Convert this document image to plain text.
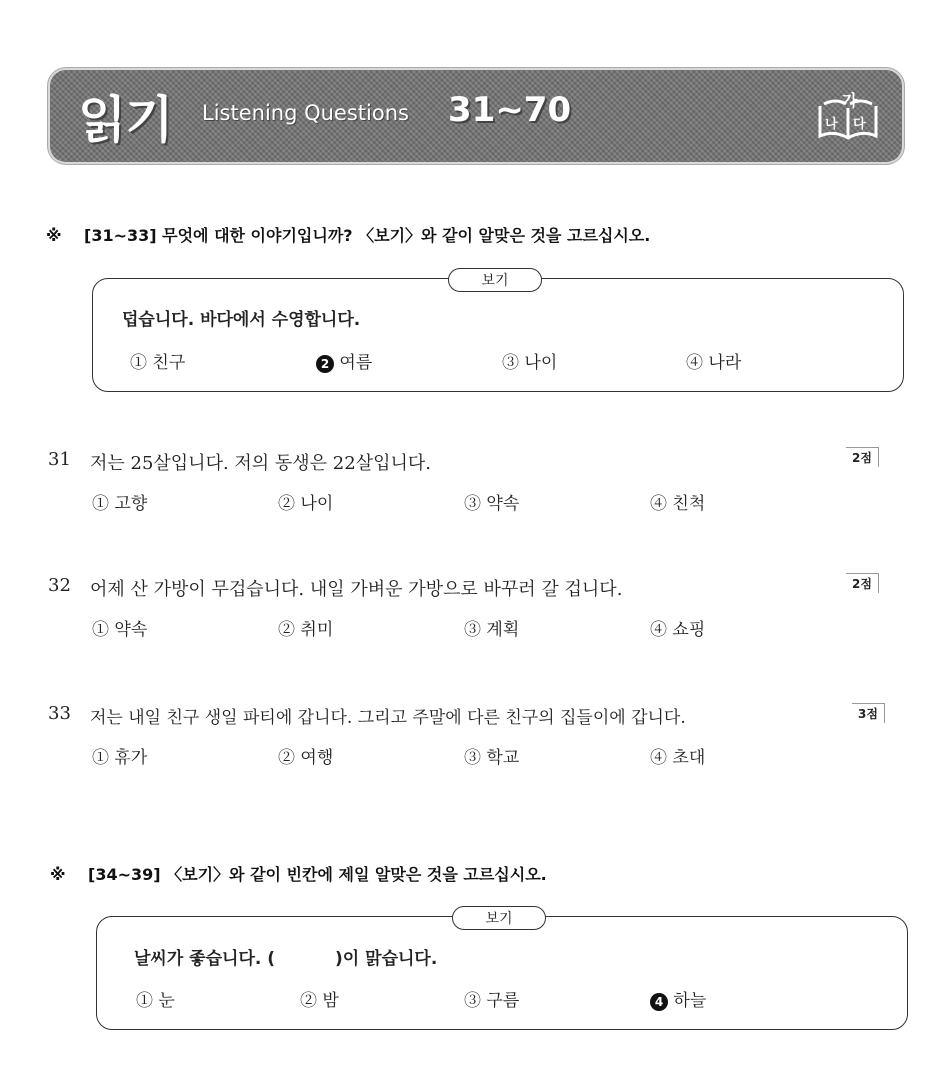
읽기 Listening Questions 31~70	가
나 다
※ [31~33] 무엇에 대한 이야기입니까? 〈보기〉와 같이 알맞은 것을 고르십시오.
보기
덥습니다. 바다에서 수영합니다.
① 친구	2 여름	③ 나이	④ 나라
31 저는 25살입니다. 저의 동생은 22살입니다.	2점
① 고향	② 나이	③ 약속	④ 친척
32 어제 산 가방이 무겁습니다. 내일 가벼운 가방으로 바꾸러 갈 겁니다.	2점
① 약속	② 취미	③ 계획	④ 쇼핑
33 저는 내일 친구 생일 파티에 갑니다. 그리고 주말에 다른 친구의 집들이에 갑니다.	3점
① 휴가	② 여행	③ 학교	④ 초대
※ [34~39] 〈보기〉와 같이 빈칸에 제일 알맞은 것을 고르십시오.
보기
날씨가 좋습니다. (	)이 맑습니다.
① 눈	② 밤	③ 구름	4 하늘
